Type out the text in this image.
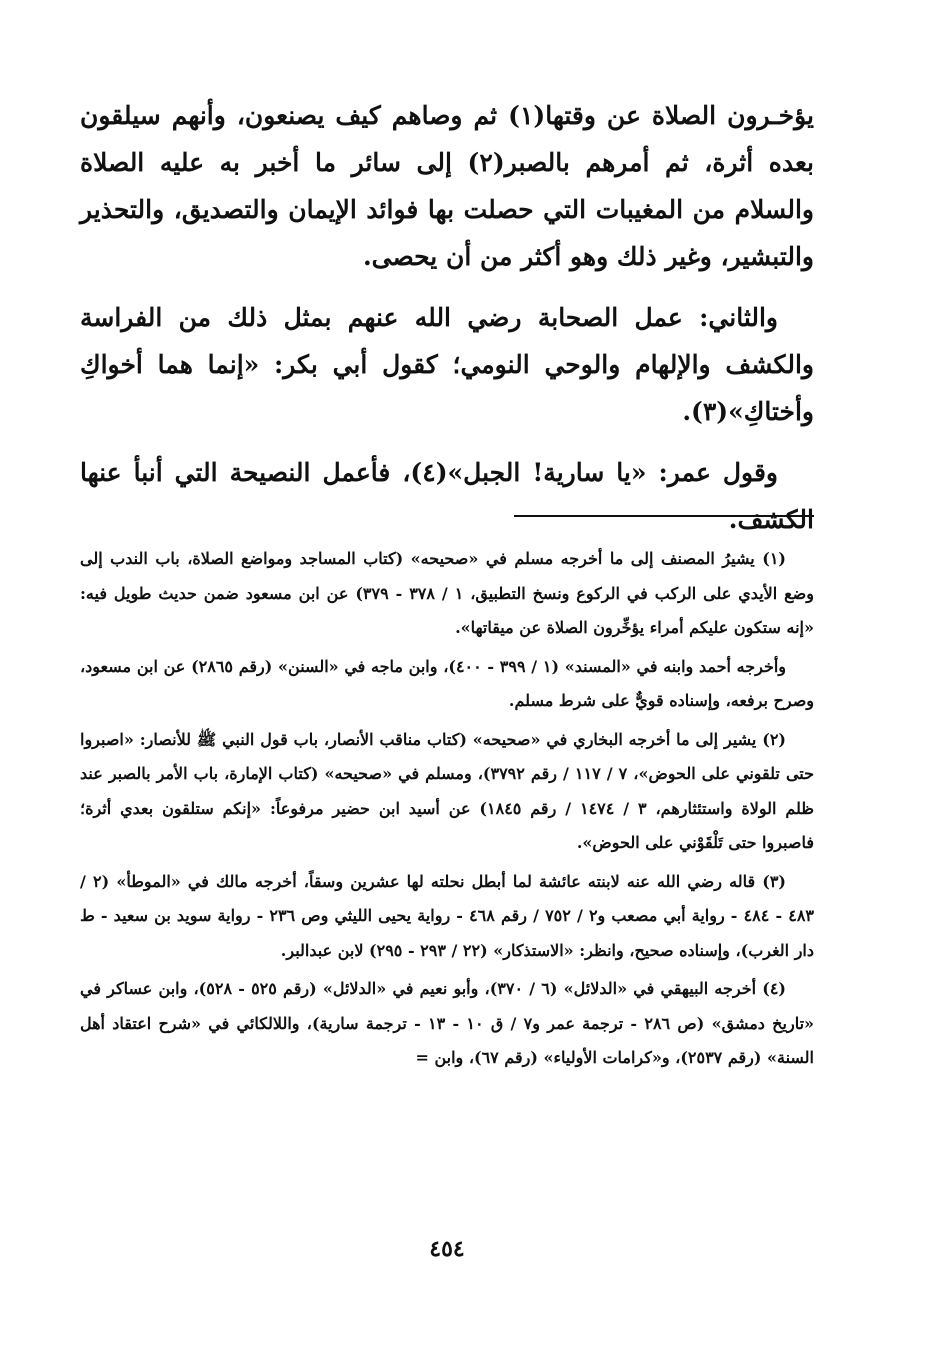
يؤخـرون الصلاة عن وقتها(١) ثم وصاهم كيف يصنعون، وأنهم سيلقون بعده أثرة، ثم أمرهم بالصبر(٢) إلى سائر ما أخبر به عليه الصلاة والسلام من المغيبات التي حصلت بها فوائد الإيمان والتصديق، والتحذير والتبشير، وغير ذلك وهو أكثر من أن يحصى.

والثاني: عمل الصحابة رضي الله عنهم بمثل ذلك من الفراسة والكشف والإلهام والوحي النومي؛ كقول أبي بكر: «إنما هما أخواكِ وأختاكِ»(٣).

وقول عمر: «يا سارية! الجبل»(٤)، فأعمل النصيحة التي أنبأ عنها الكشف.

(١) يشيرُ المصنف إلى ما أخرجه مسلم في «صحيحه» (كتاب المساجد ومواضع الصلاة، باب الندب إلى وضع الأيدي على الركب في الركوع ونسخ التطبيق، ١ / ٣٧٨ - ٣٧٩) عن ابن مسعود ضمن حديث طويل فيه: «إنه ستكون عليكم أمراء يؤخِّرون الصلاة عن ميقاتها».

وأخرجه أحمد وابنه في «المسند» (١ / ٣٩٩ - ٤٠٠)، وابن ماجه في «السنن» (رقم ٢٨٦٥) عن ابن مسعود، وصرح برفعه، وإسناده قويٌّ على شرط مسلم.

(٢) يشير إلى ما أخرجه البخاري في «صحيحه» (كتاب مناقب الأنصار، باب قول النبي ﷺ للأنصار: «اصبروا حتى تلقوني على الحوض»، ٧ / ١١٧ / رقم ٣٧٩٢)، ومسلم في «صحيحه» (كتاب الإمارة، باب الأمر بالصبر عند ظلم الولاة واستئثارهم، ٣ / ١٤٧٤ / رقم ١٨٤٥) عن أسيد ابن حضير مرفوعاً: «إنكم ستلقون بعدي أثرة؛ فاصبروا حتى تَلْقَوْني على الحوض».

(٣) قاله رضي الله عنه لابنته عائشة لما أبطل نحلته لها عشرين وسقاً، أخرجه مالك في «الموطأ» (٢ / ٤٨٣ - ٤٨٤ - رواية أبي مصعب و٢ / ٧٥٢ / رقم ٤٦٨ - رواية يحيى الليثي وص ٢٣٦ - رواية سويد بن سعيد - ط دار الغرب)، وإسناده صحيح، وانظر: «الاستذكار» (٢٢ / ٢٩٣ - ٢٩٥) لابن عبدالبر.

(٤) أخرجه البيهقي في «الدلائل» (٦ / ٣٧٠)، وأبو نعيم في «الدلائل» (رقم ٥٢٥ - ٥٢٨)، وابن عساكر في «تاريخ دمشق» (ص ٢٨٦ - ترجمة عمر و٧ / ق ١٠ - ١٣ - ترجمة سارية)، واللالكائي في «شرح اعتقاد أهل السنة» (رقم ٢٥٣٧)، و«كرامات الأولياء» (رقم ٦٧)، وابن =

٤٥٤
